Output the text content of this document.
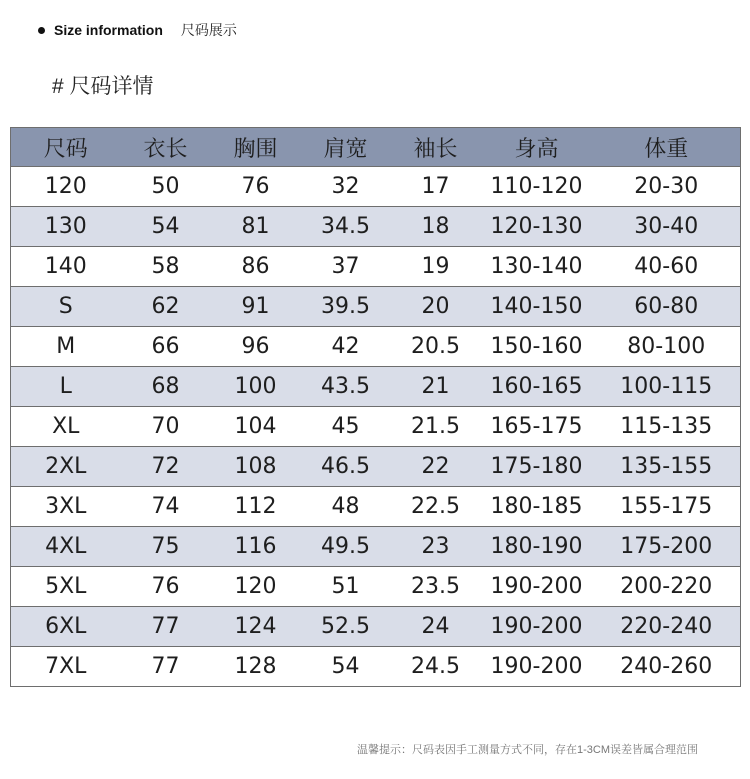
Size information 尺码展示
# 尺码详情
尺码	衣长	胸围	肩宽	袖长	身高	体重
120	50	76	32	17	110-120	20-30
130	54	81	34.5	18	120-130	30-40
140	58	86	37	19	130-140	40-60
S	62	91	39.5	20	140-150	60-80
M	66	96	42	20.5	150-160	80-100
L	68	100	43.5	21	160-165	100-115
XL	70	104	45	21.5	165-175	115-135
2XL	72	108	46.5	22	175-180	135-155
3XL	74	112	48	22.5	180-185	155-175
4XL	75	116	49.5	23	180-190	175-200
5XL	76	120	51	23.5	190-200	200-220
6XL	77	124	52.5	24	190-200	220-240
7XL	77	128	54	24.5	190-200	240-260
温馨提示：尺码表因手工测量方式不同，存在1-3CM误差皆属合理范围
